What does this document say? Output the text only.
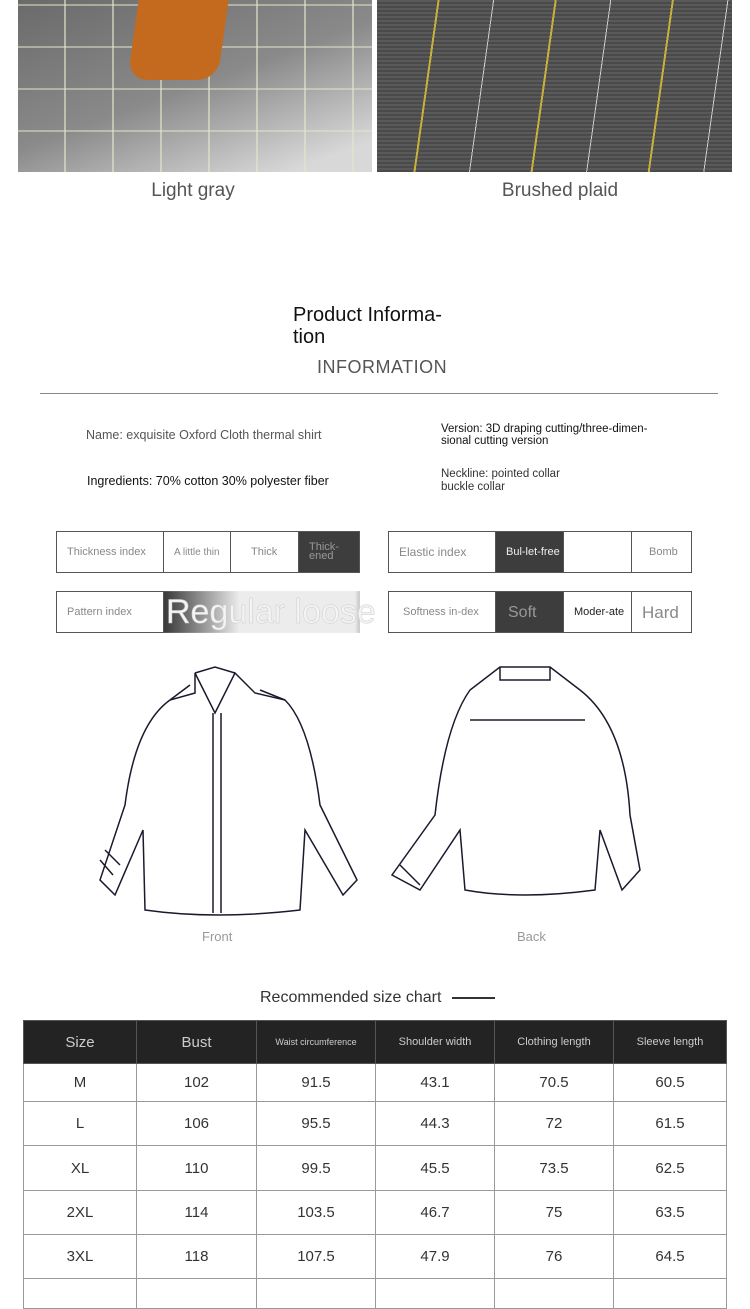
Light gray	Brushed plaid
Product Informa-
tion
INFORMATION
Name: exquisite Oxford Cloth thermal shirt
Ingredients: 70% cotton 30% polyester fiber
Version: 3D draping cutting/three-dimen-
sional cutting version
Neckline: pointed collar
buckle collar
Thickness index	A little thin	Thick	Thick-ened	Elastic index	Bul-let-free	Bomb
Pattern index	Regular loose	Softness in-dex	Soft	Moder-ate	Hard
Front	Back
Recommended size chart
Size	Bust	Waist circumference	Shoulder width	Clothing length	Sleeve length
M	102	91.5	43.1	70.5	60.5
L	106	95.5	44.3	72	61.5
XL	110	99.5	45.5	73.5	62.5
2XL	114	103.5	46.7	75	63.5
3XL	118	107.5	47.9	76	64.5
